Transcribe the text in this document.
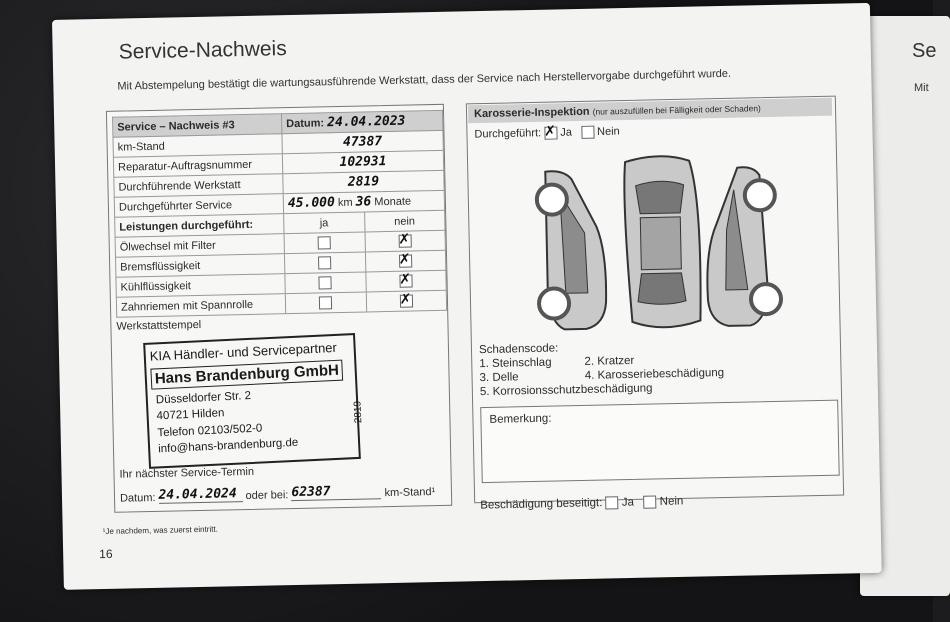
Se
Mit
Service-Nachweis
Mit Abstempelung bestätigt die wartungsausführende Werkstatt, dass der Service nach Herstellervorgabe durchgeführt wurde.
Service – Nachweis #3	Datum: 24.04.2023	
km-Stand	47387	
Reparatur-Auftragsnummer	102931	
Durchführende Werkstatt	2819	
Durchgeführter Service	45.000 km 36 Monate	
Leistungen durchgeführt:	ja	nein
Ölwechsel mit Filter		✗
Bremsflüssigkeit		✗
Kühlflüssigkeit		✗
Zahnriemen mit Spannrolle		✗
Werkstattstempel
KIA Händler- und Servicepartner
Hans Brandenburg GmbH
Düsseldorfer Str. 2
40721 Hilden
Telefon 02103/502-0
info@hans-brandenburg.de
2819
Ihr nächster Service-Termin
Datum: 24.04.2024 oder bei: 62387	km-Stand¹
¹Je nachdem, was zuerst eintritt.
16
Karosserie-Inspektion (nur auszufüllen bei Fälligkeit oder Schaden)
Durchgeführt: ✗ Ja Nein
Schadenscode:
1. Steinschlag	2. Kratzer
3. Delle	4. Karosseriebeschädigung
5. Korrosionsschutzbeschädigung
Bemerkung:
Beschädigung beseitigt: Ja Nein
